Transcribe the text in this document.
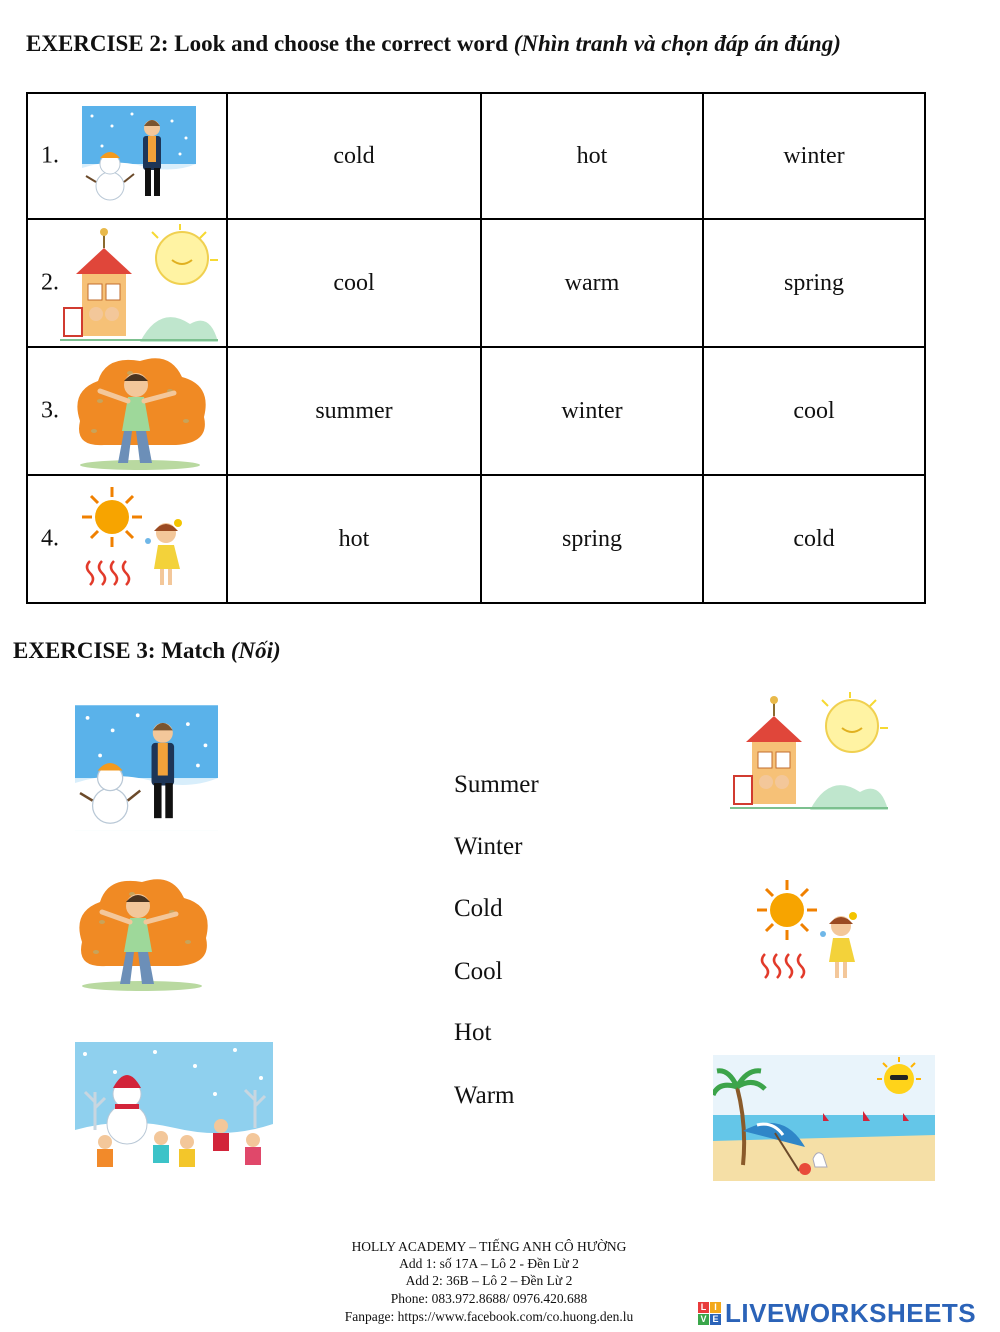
EXERCISE 2: Look and choose the correct word (Nhìn tranh và chọn đáp án đúng)
1.	cold	hot	winter

2.	cool	warm	spring

3.	summer	winter	cool

4.	hot	spring	cold
EXERCISE 3: Match (Nối)
Summer
Winter
Cold
Cool
Hot
Warm
HOLLY ACADEMY – TIẾNG ANH CÔ HƯỜNG
Add 1: số 17A – Lô 2 - Đền Lừ 2
Add 2: 36B – Lô 2 – Đền Lừ 2
Phone: 083.972.8688/ 0976.420.688
Fanpage: https://www.facebook.com/co.huong.den.lu
L I
V E LIVEWORKSHEETS
